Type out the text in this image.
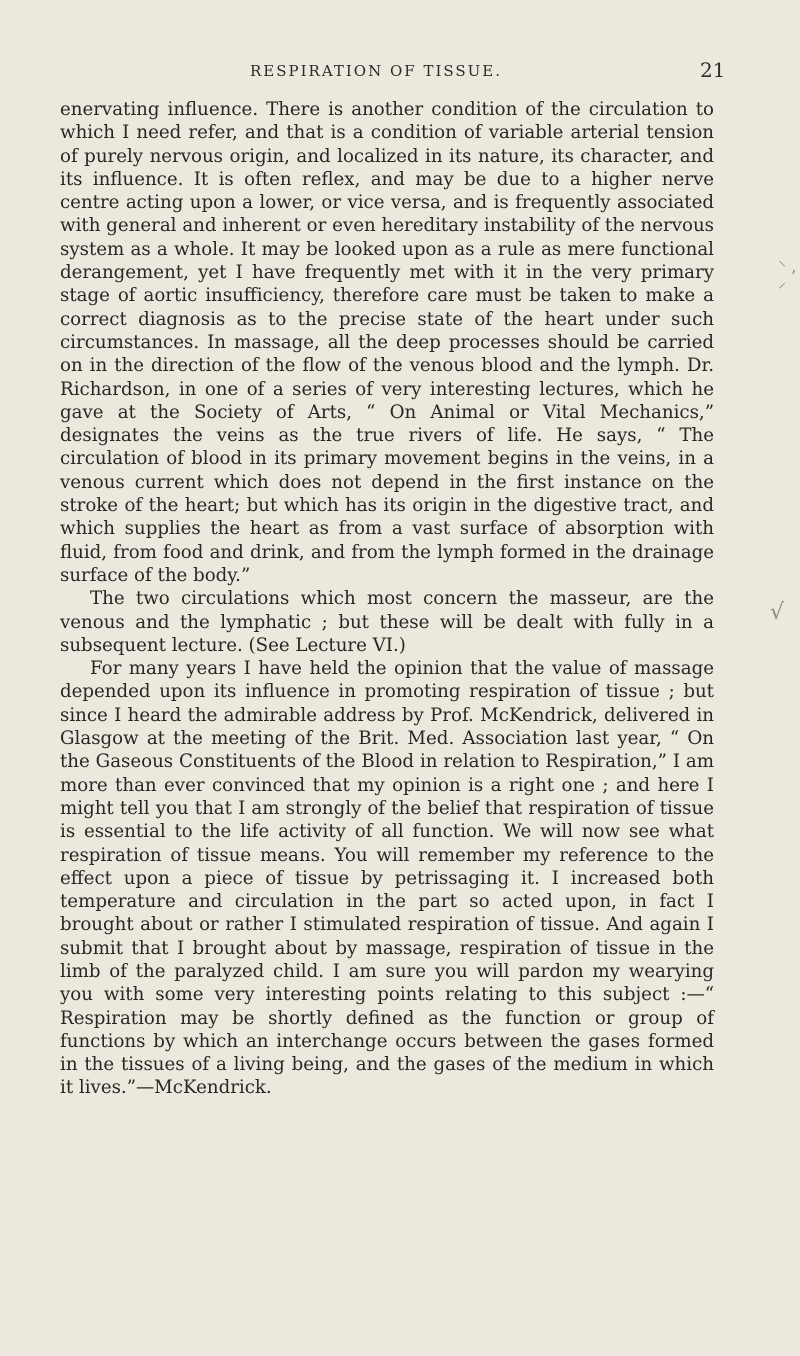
RESPIRATION OF TISSUE.	21

enervating influence. There is another condition of the circulation to which I need refer, and that is a condition of variable arterial tension of purely nervous origin, and localized in its nature, its character, and its influence. It is often reflex, and may be due to a higher nerve centre acting upon a lower, or vice versa, and is frequently associated with general and inherent or even hereditary instability of the nervous system as a whole. It may be looked upon as a rule as mere functional derangement, yet I have frequently met with it in the very primary stage of aortic insufficiency, therefore care must be taken to make a correct diagnosis as to the precise state of the heart under such circumstances. In massage, all the deep processes should be carried on in the direction of the flow of the venous blood and the lymph. Dr. Richardson, in one of a series of very interesting lectures, which he gave at the Society of Arts, “ On Animal or Vital Mechanics,” designates the veins as the true rivers of life. He says, “ The circulation of blood in its primary movement begins in the veins, in a venous current which does not depend in the first instance on the stroke of the heart; but which has its origin in the digestive tract, and which supplies the heart as from a vast surface of absorption with fluid, from food and drink, and from the lymph formed in the drainage surface of the body.”

The two circulations which most concern the masseur, are the venous and the lymphatic ; but these will be dealt with fully in a subsequent lecture. (See Lecture VI.)

For many years I have held the opinion that the value of massage depended upon its influence in promoting respiration of tissue ; but since I heard the admirable address by Prof. McKendrick, delivered in Glasgow at the meeting of the Brit. Med. Association last year, “ On the Gaseous Constituents of the Blood in relation to Respiration,” I am more than ever convinced that my opinion is a right one ; and here I might tell you that I am strongly of the belief that respiration of tissue is essential to the life activity of all function. We will now see what respiration of tissue means. You will remember my reference to the effect upon a piece of tissue by petrissaging it. I increased both temperature and circulation in the part so acted upon, in fact I brought about or rather I stimulated respiration of tissue. And again I submit that I brought about by massage, respiration of tissue in the limb of the paralyzed child. I am sure you will pardon my wearying you with some very interesting points relating to this subject :—“ Respiration may be shortly defined as the function or group of functions by which an interchange occurs between the gases formed in the tissues of a living being, and the gases of the medium in which it lives.”—McKendrick.

⸌ , ⸍
√
